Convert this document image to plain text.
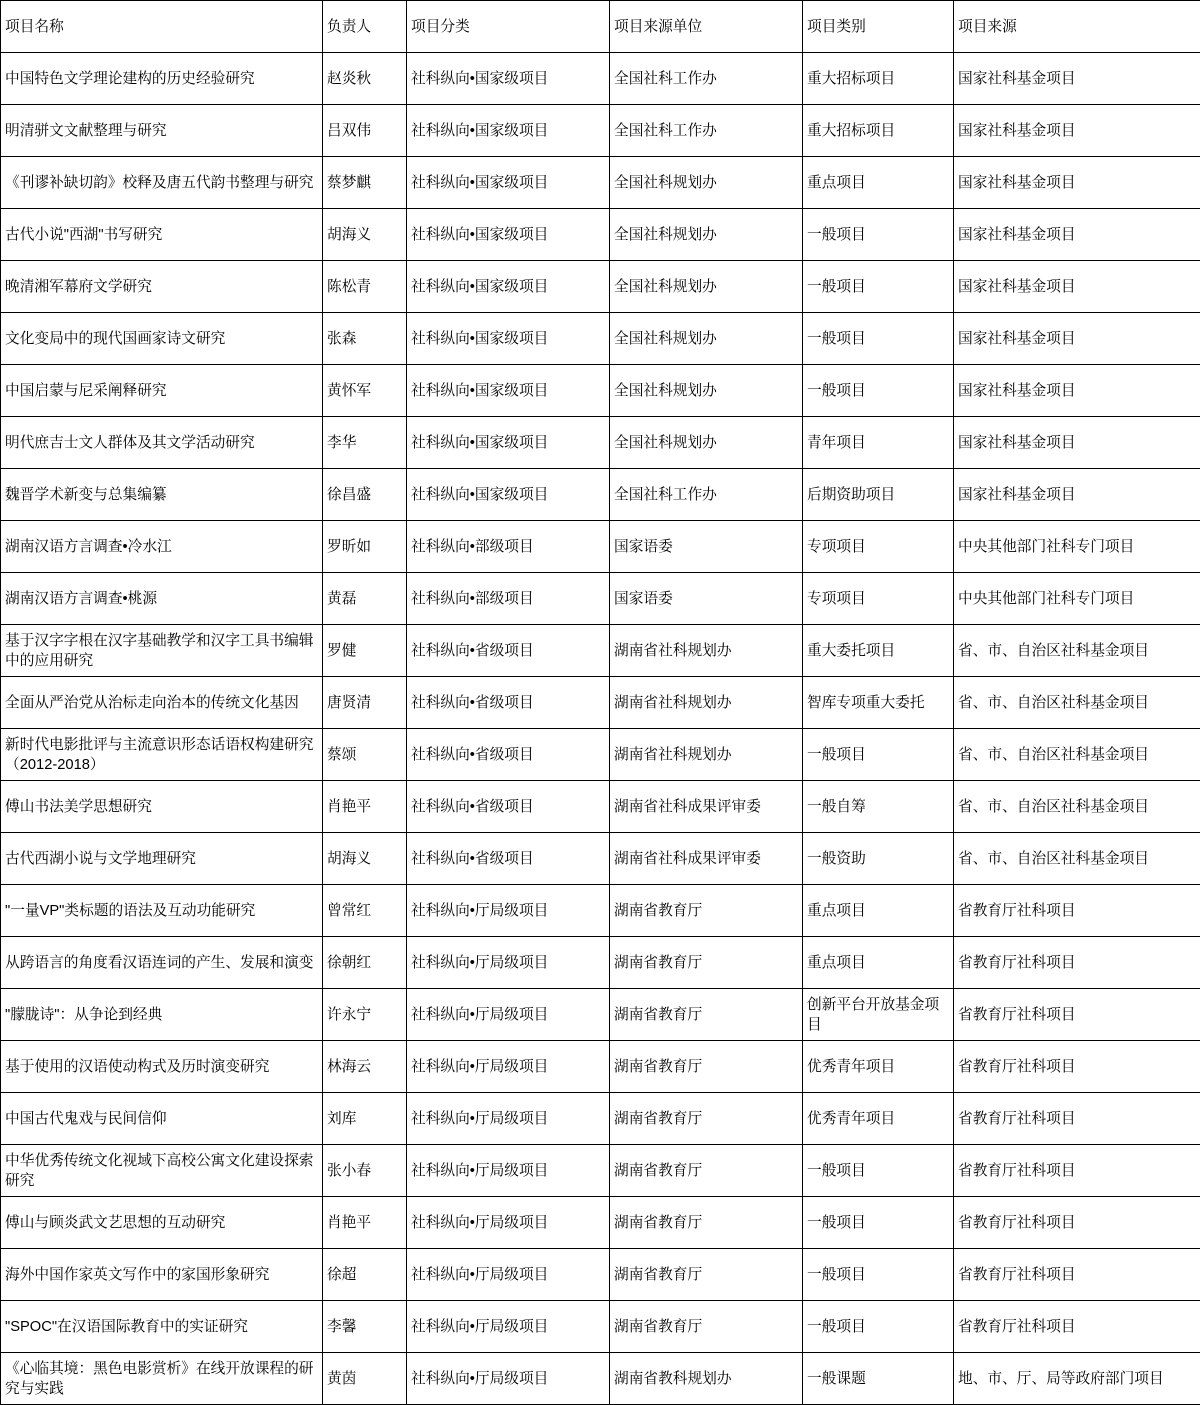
项目名称	负责人	项目分类	项目来源单位	项目类别	项目来源
中国特色文学理论建构的历史经验研究	赵炎秋	社科纵向•国家级项目	全国社科工作办	重大招标项目	国家社科基金项目
明清骈文文献整理与研究	吕双伟	社科纵向•国家级项目	全国社科工作办	重大招标项目	国家社科基金项目
《刊谬补缺切韵》校释及唐五代韵书整理与研究	蔡梦麒	社科纵向•国家级项目	全国社科规划办	重点项目	国家社科基金项目
古代小说"西湖"书写研究	胡海义	社科纵向•国家级项目	全国社科规划办	一般项目	国家社科基金项目
晚清湘军幕府文学研究	陈松青	社科纵向•国家级项目	全国社科规划办	一般项目	国家社科基金项目
文化变局中的现代国画家诗文研究	张森	社科纵向•国家级项目	全国社科规划办	一般项目	国家社科基金项目
中国启蒙与尼采阐释研究	黄怀军	社科纵向•国家级项目	全国社科规划办	一般项目	国家社科基金项目
明代庶吉士文人群体及其文学活动研究	李华	社科纵向•国家级项目	全国社科规划办	青年项目	国家社科基金项目
魏晋学术新变与总集编纂	徐昌盛	社科纵向•国家级项目	全国社科工作办	后期资助项目	国家社科基金项目
湖南汉语方言调查•冷水江	罗昕如	社科纵向•部级项目	国家语委	专项项目	中央其他部门社科专门项目
湖南汉语方言调查•桃源	黄磊	社科纵向•部级项目	国家语委	专项项目	中央其他部门社科专门项目
基于汉字字根在汉字基础教学和汉字工具书编辑中的应用研究	罗健	社科纵向•省级项目	湖南省社科规划办	重大委托项目	省、市、自治区社科基金项目
全面从严治党从治标走向治本的传统文化基因	唐贤清	社科纵向•省级项目	湖南省社科规划办	智库专项重大委托	省、市、自治区社科基金项目
新时代电影批评与主流意识形态话语权构建研究（2012-2018）	蔡颂	社科纵向•省级项目	湖南省社科规划办	一般项目	省、市、自治区社科基金项目
傅山书法美学思想研究	肖艳平	社科纵向•省级项目	湖南省社科成果评审委	一般自筹	省、市、自治区社科基金项目
古代西湖小说与文学地理研究	胡海义	社科纵向•省级项目	湖南省社科成果评审委	一般资助	省、市、自治区社科基金项目
"一量VP"类标题的语法及互动功能研究	曾常红	社科纵向•厅局级项目	湖南省教育厅	重点项目	省教育厅社科项目
从跨语言的角度看汉语连词的产生、发展和演变	徐朝红	社科纵向•厅局级项目	湖南省教育厅	重点项目	省教育厅社科项目
"朦胧诗"：从争论到经典	许永宁	社科纵向•厅局级项目	湖南省教育厅	创新平台开放基金项目	省教育厅社科项目
基于使用的汉语使动构式及历时演变研究	林海云	社科纵向•厅局级项目	湖南省教育厅	优秀青年项目	省教育厅社科项目
中国古代鬼戏与民间信仰	刘库	社科纵向•厅局级项目	湖南省教育厅	优秀青年项目	省教育厅社科项目
中华优秀传统文化视域下高校公寓文化建设探索研究	张小春	社科纵向•厅局级项目	湖南省教育厅	一般项目	省教育厅社科项目
傅山与顾炎武文艺思想的互动研究	肖艳平	社科纵向•厅局级项目	湖南省教育厅	一般项目	省教育厅社科项目
海外中国作家英文写作中的家国形象研究	徐超	社科纵向•厅局级项目	湖南省教育厅	一般项目	省教育厅社科项目
"SPOC"在汉语国际教育中的实证研究	李馨	社科纵向•厅局级项目	湖南省教育厅	一般项目	省教育厅社科项目
《心临其境：黑色电影赏析》在线开放课程的研究与实践	黄茵	社科纵向•厅局级项目	湖南省教科规划办	一般课题	地、市、厅、局等政府部门项目
